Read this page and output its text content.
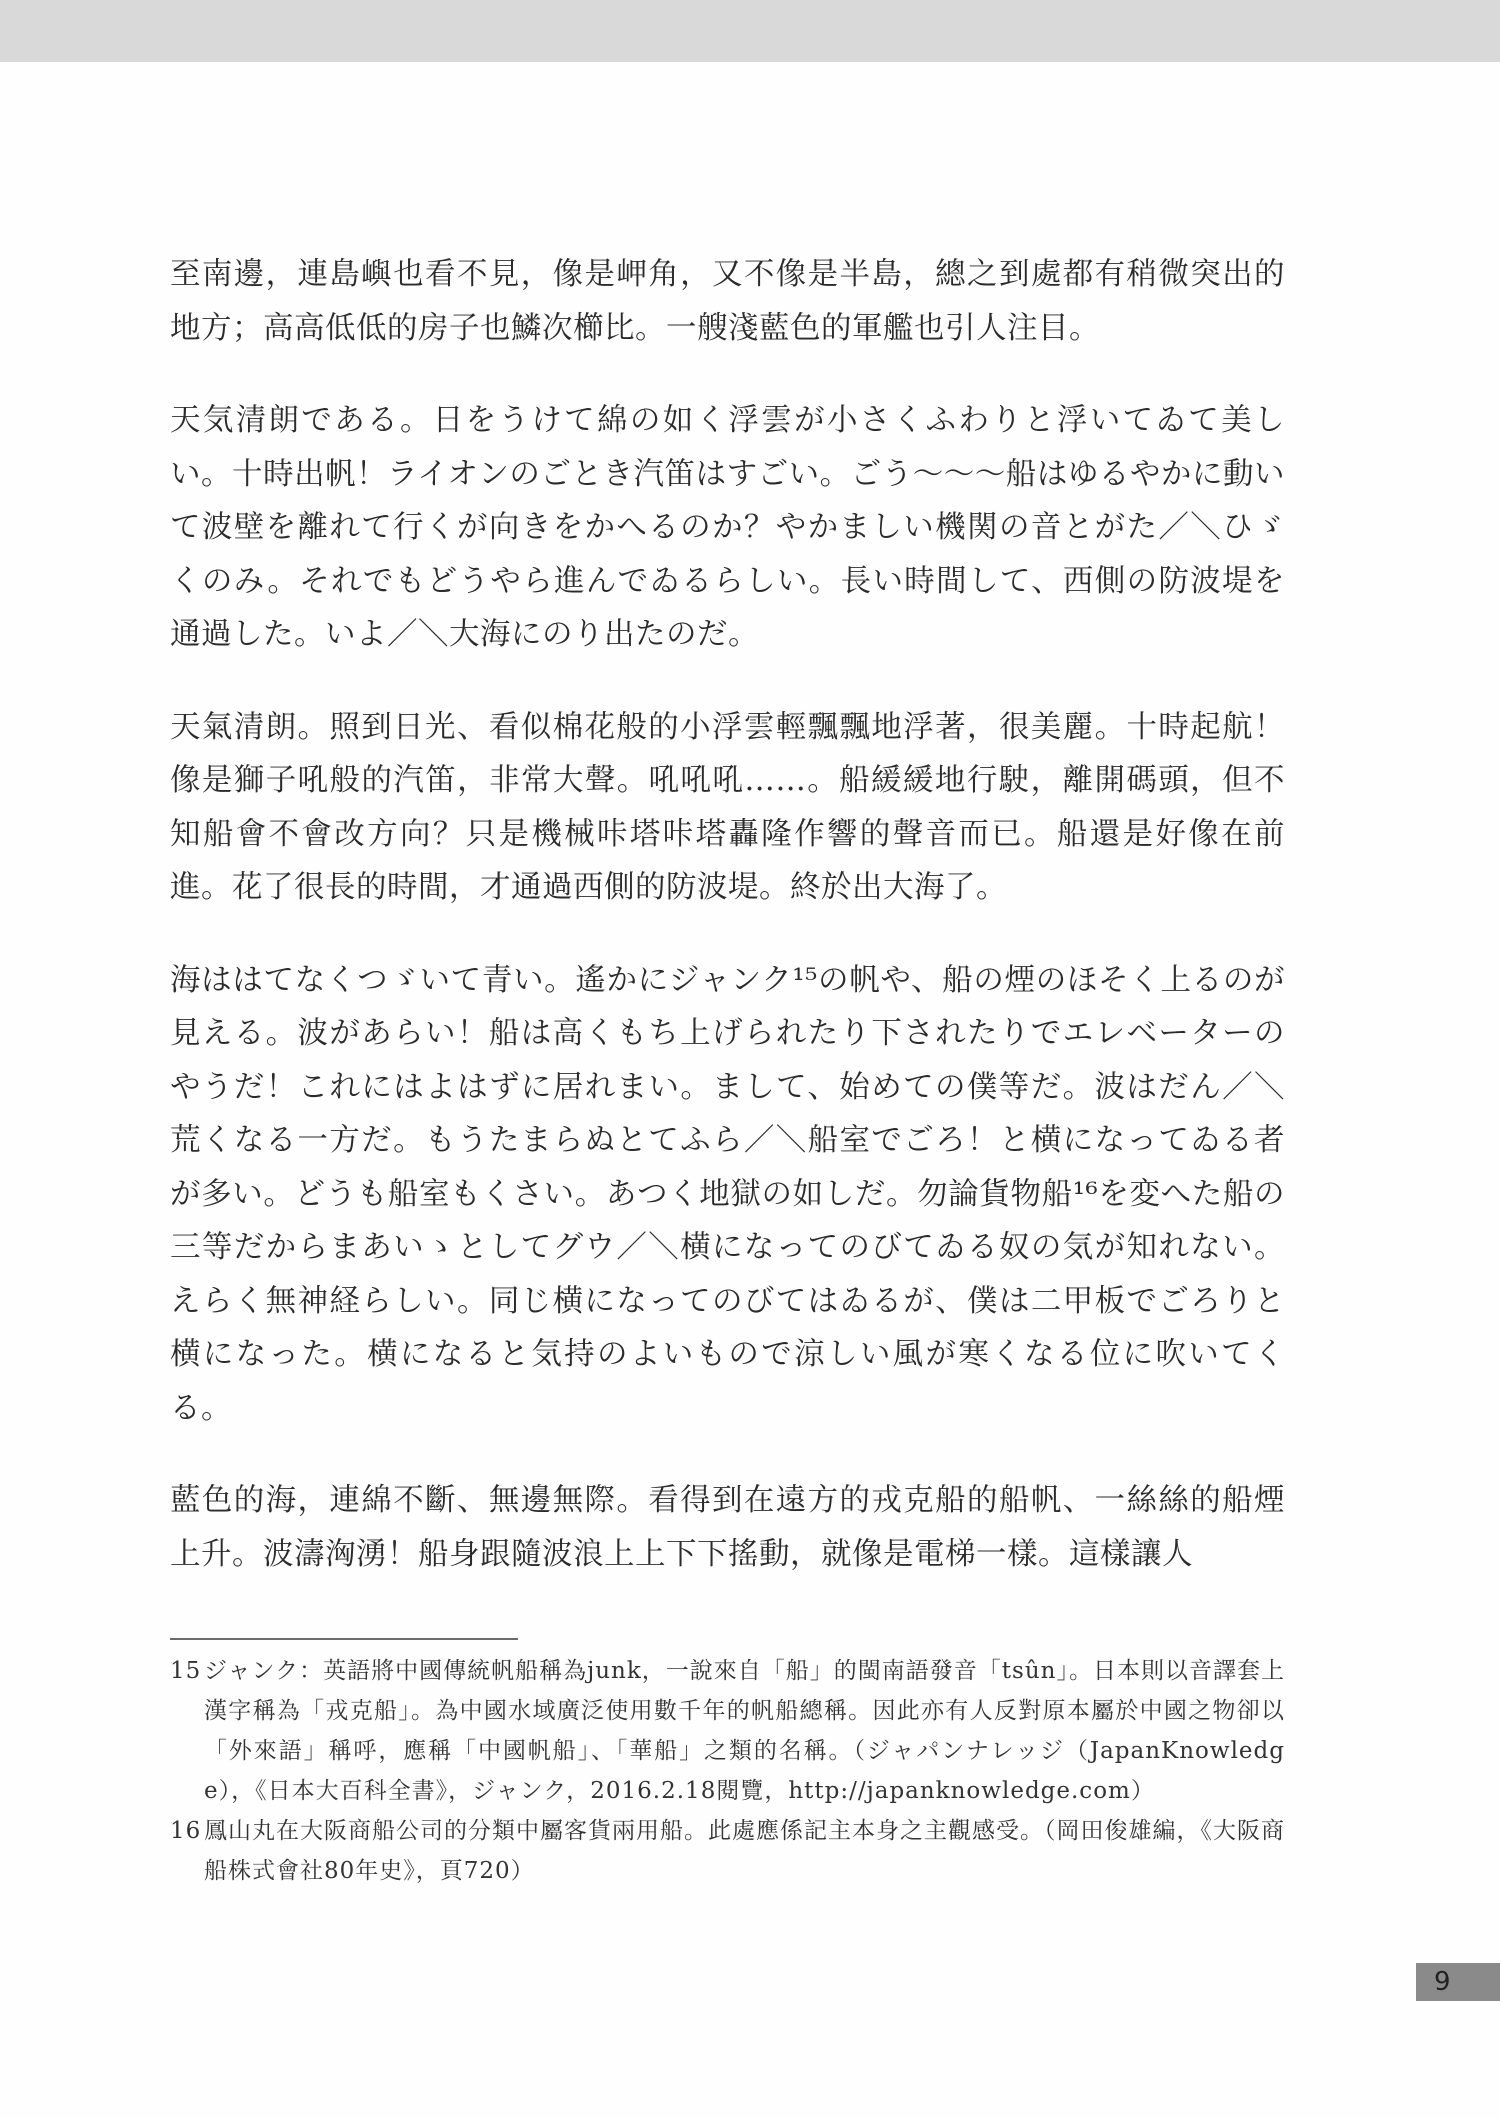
至南邊，連島嶼也看不見，像是岬角，又不像是半島，總之到處都有稍微突出的地方；高高低低的房子也鱗次櫛比。一艘淺藍色的軍艦也引人注目。

天気清朗である。日をうけて綿の如く浮雲が小さくふわりと浮いてゐて美しい。十時出帆！ライオンのごとき汽笛はすごい。ごう～～～船はゆるやかに動いて波壁を離れて行くが向きをかへるのか？やかましい機関の音とがた／＼ひゞくのみ。それでもどうやら進んでゐるらしい。長い時間して、西側の防波堤を通過した。いよ／＼大海にのり出たのだ。

天氣清朗。照到日光、看似棉花般的小浮雲輕飄飄地浮著，很美麗。十時起航！像是獅子吼般的汽笛，非常大聲。吼吼吼……。船緩緩地行駛，離開碼頭，但不知船會不會改方向？只是機械咔塔咔塔轟隆作響的聲音而已。船還是好像在前進。花了很長的時間，才通過西側的防波堤。終於出大海了。

海ははてなくつゞいて青い。遙かにジャンク¹⁵の帆や、船の煙のほそく上るのが見える。波があらい！船は高くもち上げられたり下されたりでエレベーターのやうだ！これにはよはずに居れまい。まして、始めての僕等だ。波はだん／＼荒くなる一方だ。もうたまらぬとてふら／＼船室でごろ！と横になってゐる者が多い。どうも船室もくさい。あつく地獄の如しだ。勿論貨物船¹⁶を変へた船の三等だからまあいゝとしてグウ／＼横になってのびてゐる奴の気が知れない。えらく無神経らしい。同じ横になってのびてはゐるが、僕は二甲板でごろりと横になった。横になると気持のよいもので涼しい風が寒くなる位に吹いてくる。

藍色的海，連綿不斷、無邊無際。看得到在遠方的戎克船的船帆、一絲絲的船煙上升。波濤洶湧！船身跟隨波浪上上下下搖動，就像是電梯一樣。這樣讓人

15 ジャンク：英語將中國傳統帆船稱為junk，一說來自「船」的閩南語發音「tsûn」。日本則以音譯套上漢字稱為「戎克船」。為中國水域廣泛使用數千年的帆船總稱。因此亦有人反對原本屬於中國之物卻以「外來語」稱呼，應稱「中國帆船」、「華船」之類的名稱。（ジャパンナレッジ（JapanKnowledge），《日本大百科全書》，ジャンク，2016.2.18閱覽，http://japanknowledge.com）

16 鳳山丸在大阪商船公司的分類中屬客貨兩用船。此處應係記主本身之主觀感受。（岡田俊雄編，《大阪商船株式會社80年史》，頁720）

9
